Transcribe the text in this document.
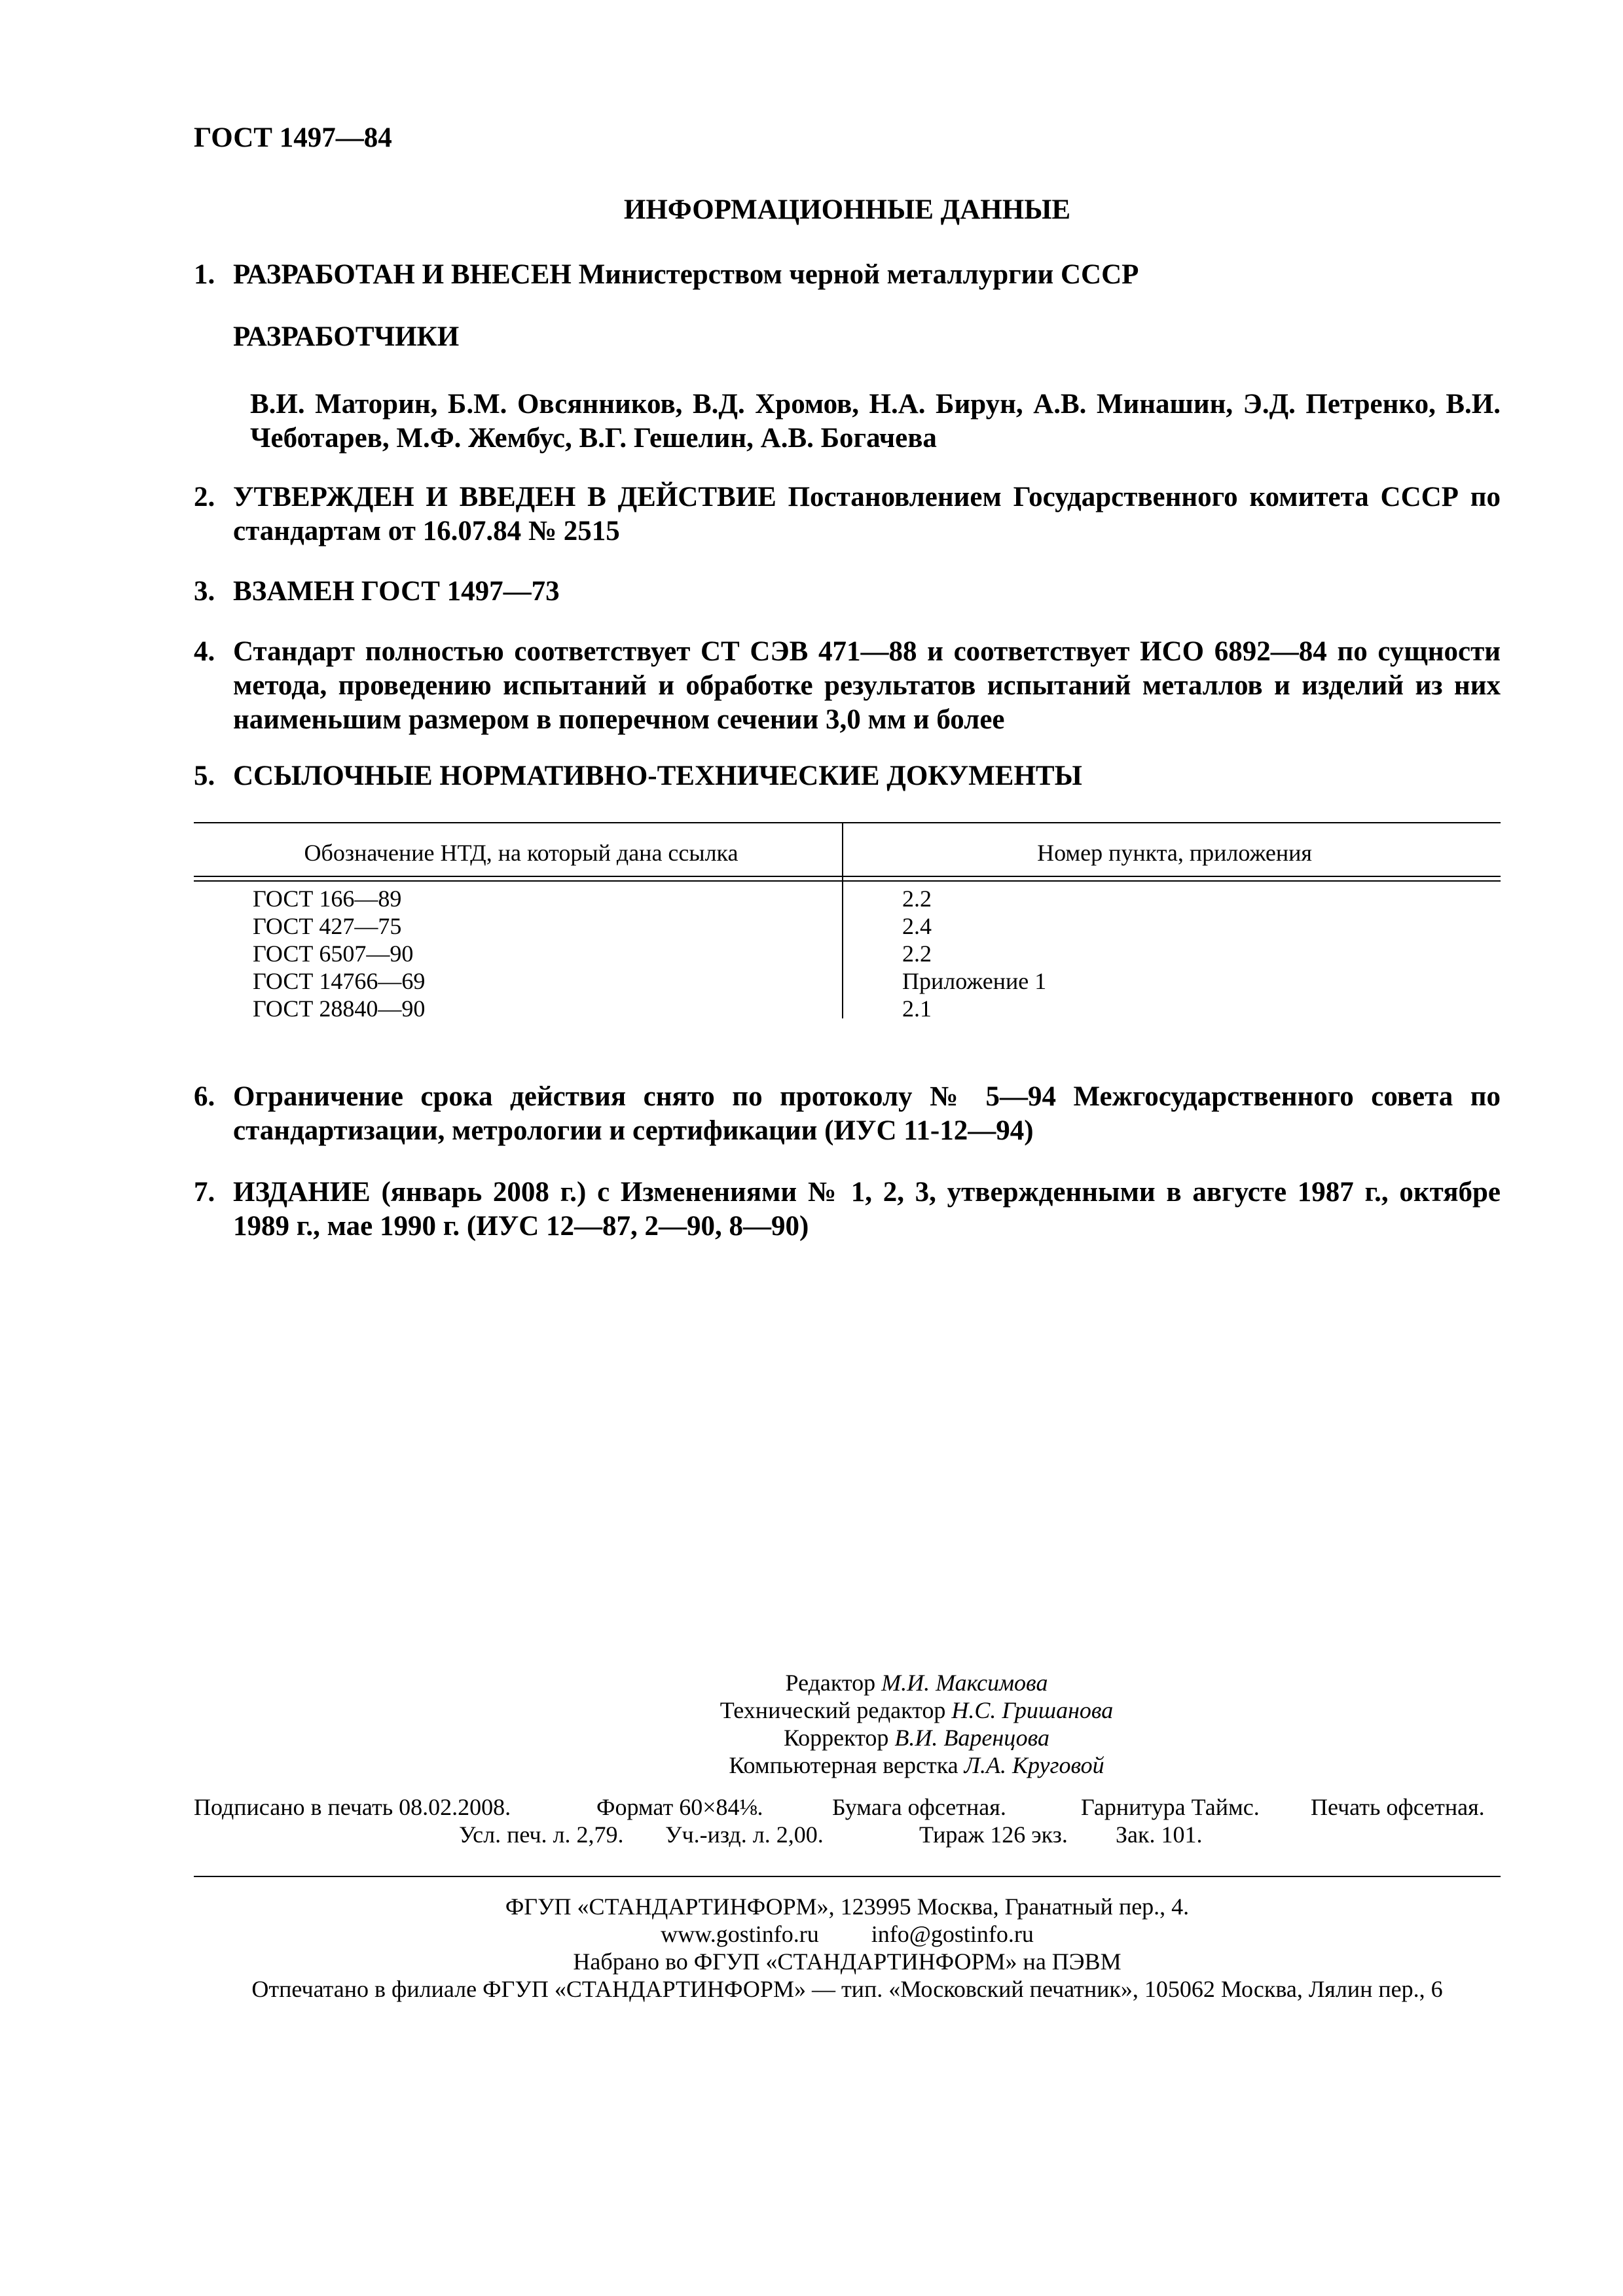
ГОСТ 1497—84
ИНФОРМАЦИОННЫЕ ДАННЫЕ
1. РАЗРАБОТАН И ВНЕСЕН Министерством черной металлургии СССР
РАЗРАБОТЧИКИ
В.И. Маторин, Б.М. Овсянников, В.Д. Хромов, Н.А. Бирун, А.В. Минашин, Э.Д. Петренко, В.И. Чеботарев, М.Ф. Жембус, В.Г. Гешелин, А.В. Богачева
2. УТВЕРЖДЕН И ВВЕДЕН В ДЕЙСТВИЕ Постановлением Государственного комитета СССР по стандартам от 16.07.84 № 2515
3. ВЗАМЕН ГОСТ 1497—73
4. Стандарт полностью соответствует СТ СЭВ 471—88 и соответствует ИСО 6892—84 по сущности метода, проведению испытаний и обработке результатов испытаний металлов и изделий из них наименьшим размером в поперечном сечении 3,0 мм и более
5. ССЫЛОЧНЫЕ НОРМАТИВНО-ТЕХНИЧЕСКИЕ ДОКУМЕНТЫ
Обозначение НТД, на который дана ссылка	Номер пункта, приложения
ГОСТ 166—89	2.2
ГОСТ 427—75	2.4
ГОСТ 6507—90	2.2
ГОСТ 14766—69	Приложение 1
ГОСТ 28840—90	2.1
6. Ограничение срока действия снято по протоколу № 5—94 Межгосударственного совета по стандартизации, метрологии и сертификации (ИУС 11-12—94)
7. ИЗДАНИЕ (январь 2008 г.) с Изменениями № 1, 2, 3, утвержденными в августе 1987 г., октябре 1989 г., мае 1990 г. (ИУС 12—87, 2—90, 8—90)
Редактор М.И. Максимова
Технический редактор Н.С. Гришанова
Корректор В.И. Варенцова
Компьютерная верстка Л.А. Круговой
Подписано в печать 08.02.2008.	Формат 60×84⅛.	Бумага офсетная.	Гарнитура Таймс. Печать офсетная.
Усл. печ. л. 2,79. Уч.-изд. л. 2,00.	Тираж 126 экз. Зак. 101.
ФГУП «СТАНДАРТИНФОРМ», 123995 Москва, Гранатный пер., 4.
www.gostinfo.ru info@gostinfo.ru
Набрано во ФГУП «СТАНДАРТИНФОРМ» на ПЭВМ
Отпечатано в филиале ФГУП «СТАНДАРТИНФОРМ» — тип. «Московский печатник», 105062 Москва, Лялин пер., 6
